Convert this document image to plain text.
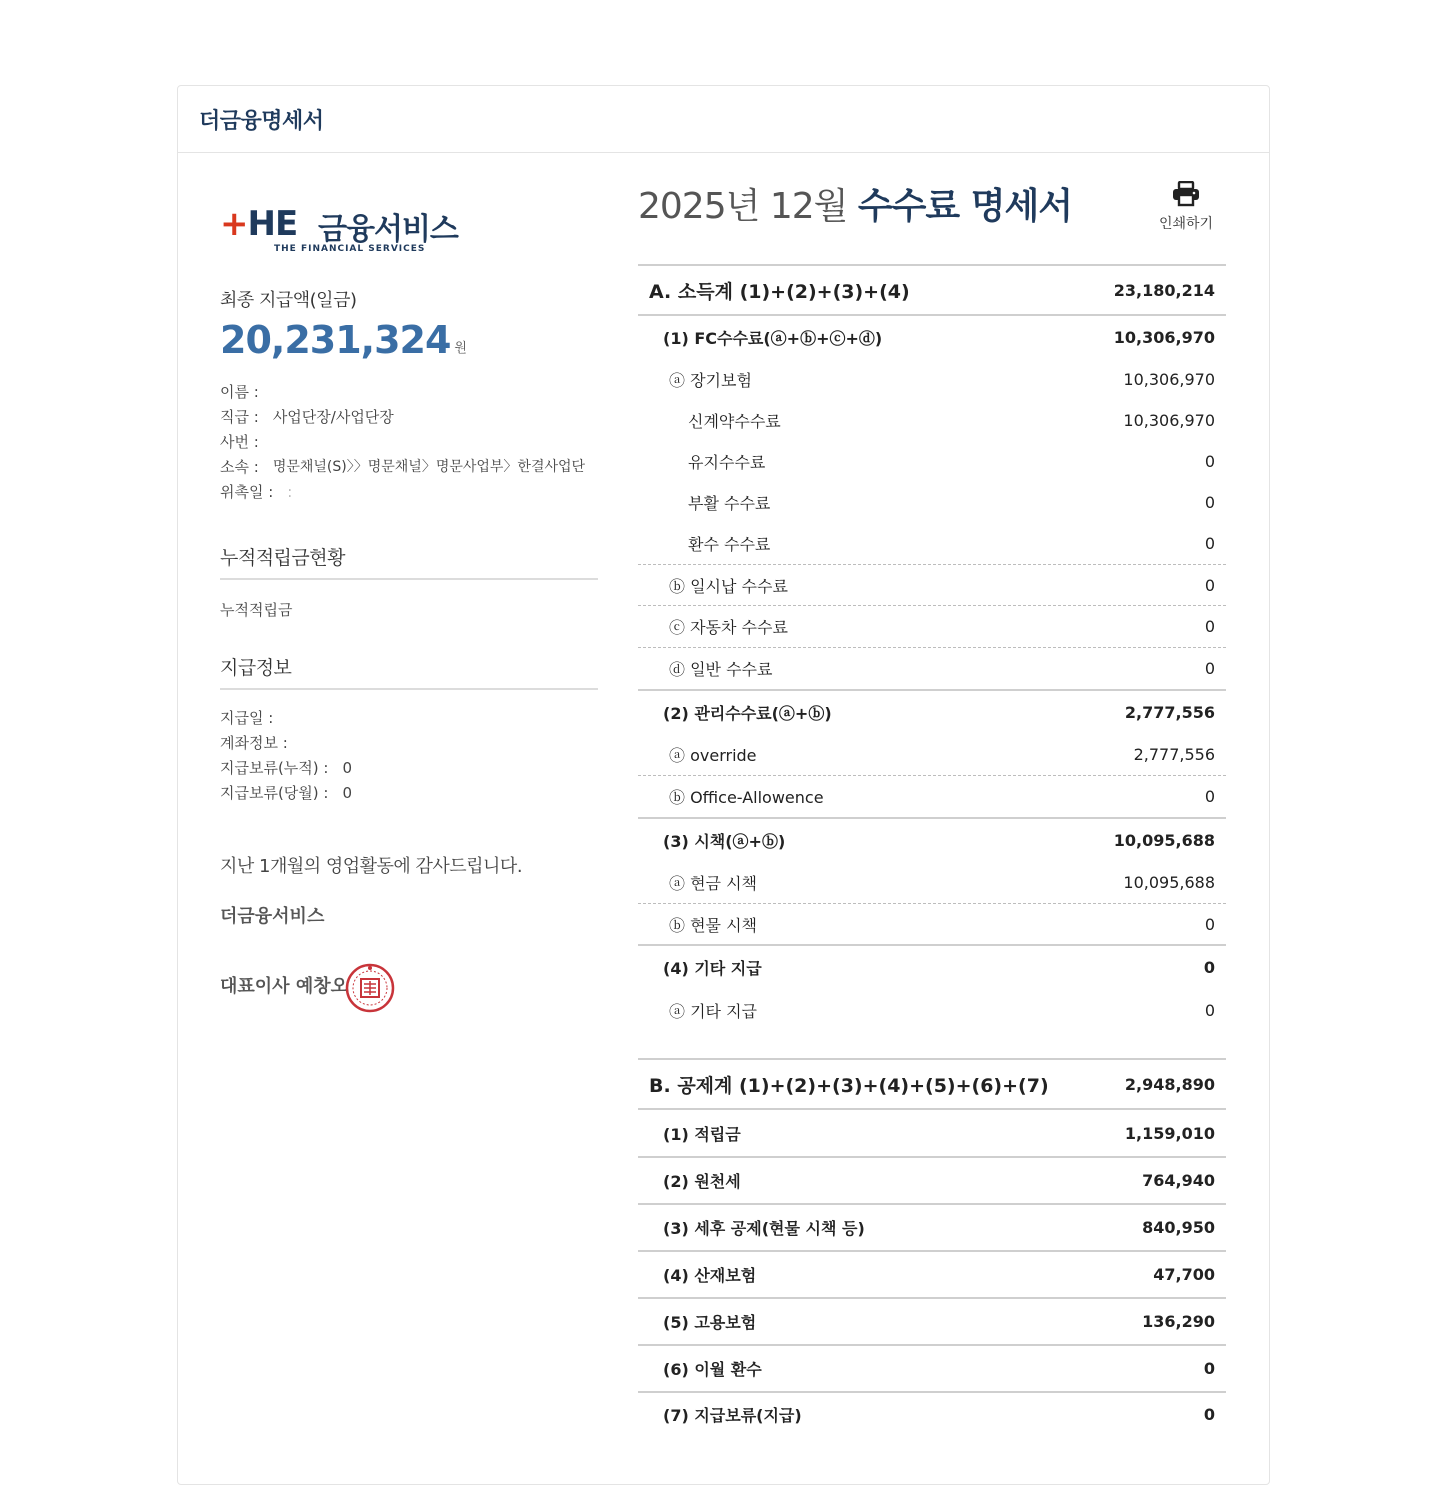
더금융명세서
+HE 금융서비스
THE FINANCIAL SERVICES
최종 지급액(일금)
20,231,324 원
이름 :
직급 : 사업단장/사업단장
사번 :
소속 : 명문채널(S)〉〉명문채널〉명문사업부〉한결사업단
위촉일 : :
누적적립금현황
누적적립금
지급정보
지급일 :
계좌정보 :
지급보류(누적) : 0
지급보류(당월) : 0
지난 1개월의 영업활동에 감사드립니다.
더금융서비스
대표이사 예창오
2025년 12월 수수료 명세서	인쇄하기
A. 소득계 (1)+(2)+(3)+(4)	23,180,214
(1) FC수수료(ⓐ+ⓑ+ⓒ+ⓓ)	10,306,970
ⓐ 장기보험	10,306,970
신계약수수료	10,306,970
유지수수료	0
부활 수수료	0
환수 수수료	0
ⓑ 일시납 수수료	0
ⓒ 자동차 수수료	0
ⓓ 일반 수수료	0
(2) 관리수수료(ⓐ+ⓑ)	2,777,556
ⓐ override	2,777,556
ⓑ Office-Allowence	0
(3) 시책(ⓐ+ⓑ)	10,095,688
ⓐ 현금 시책	10,095,688
ⓑ 현물 시책	0
(4) 기타 지급	0
ⓐ 기타 지급	0
B. 공제계 (1)+(2)+(3)+(4)+(5)+(6)+(7)	2,948,890
(1) 적립금	1,159,010
(2) 원천세	764,940
(3) 세후 공제(현물 시책 등)	840,950
(4) 산재보험	47,700
(5) 고용보험	136,290
(6) 이월 환수	0
(7) 지급보류(지급)	0
